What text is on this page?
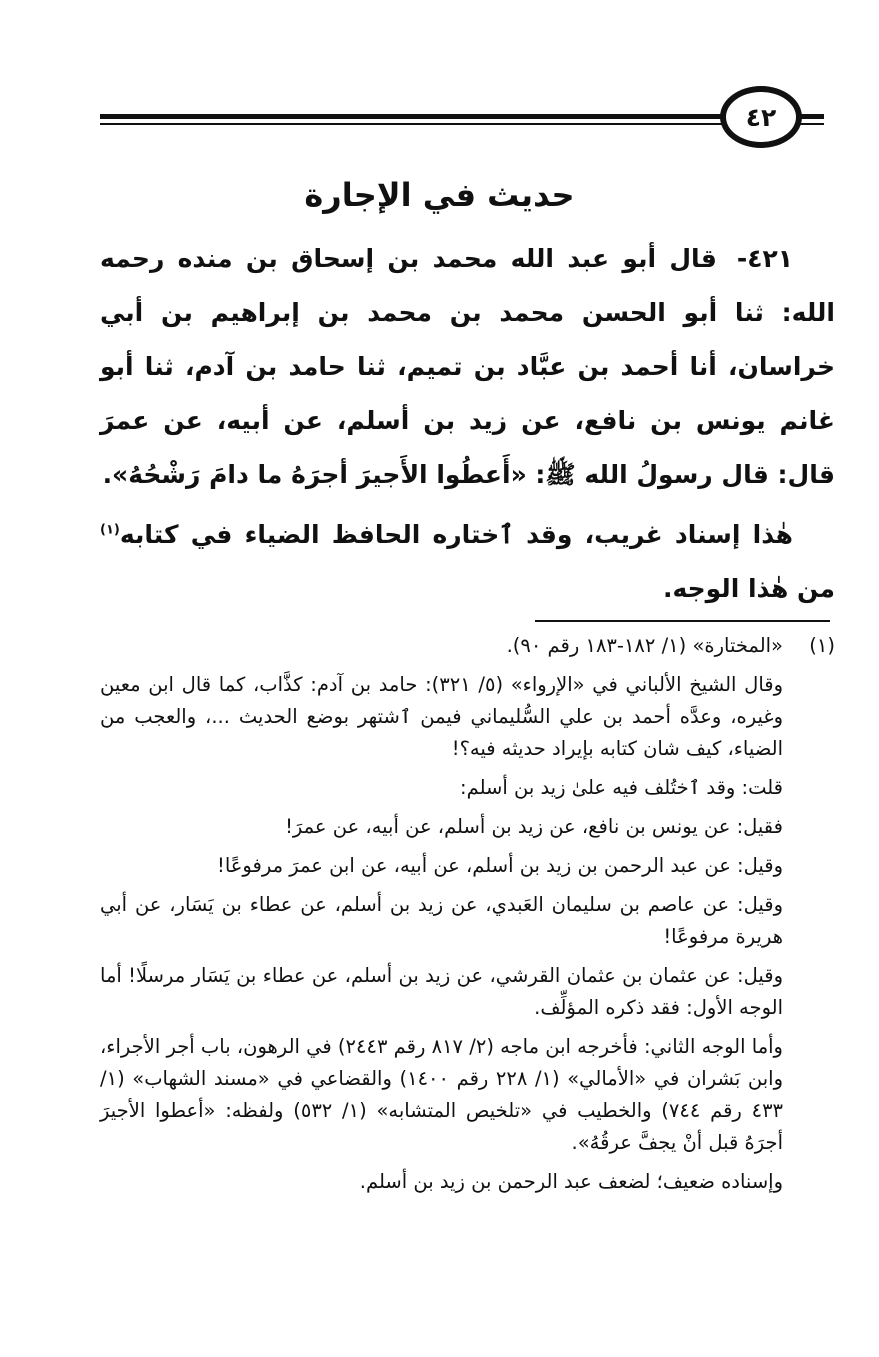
٤٢
حديث في الإجارة

٤٢١-قال أبو عبد الله محمد بن إسحاق بن منده رحمه الله: ثنا أبو الحسن محمد بن محمد بن إبراهيم بن أبي خراسان، أنا أحمد بن عبَّاد بن تميم، ثنا حامد بن آدم، ثنا أبو غانم يونس بن نافع، عن زيد بن أسلم، عن أبيه، عن عمرَ قال: قال رسولُ الله ﷺ: «أَعطُوا الأَجيرَ أجرَهُ ما دامَ رَشْحُهُ».

هٰذا إسناد غريب، وقد ٱختاره الحافظ الضياء في كتابه$^{(١)}$ من هٰذا الوجه.

(١)«المختارة» (١/ ١٨٢-١٨٣ رقم ٩٠).

وقال الشيخ الألباني في «الإرواء» (٥/ ٣٢١): حامد بن آدم: كذَّاب، كما قال ابن معين وغيره، وعدَّه أحمد بن علي السُّليماني فيمن ٱشتهر بوضع الحديث ...، والعجب من الضياء، كيف شان كتابه بإيراد حديثه فيه؟!

قلت: وقد ٱختُلف فيه علىٰ زيد بن أسلم:

فقيل: عن يونس بن نافع، عن زيد بن أسلم، عن أبيه، عن عمرَ!

وقيل: عن عبد الرحمن بن زيد بن أسلم، عن أبيه، عن ابن عمرَ مرفوعًا!

وقيل: عن عاصم بن سليمان العَبدي، عن زيد بن أسلم، عن عطاء بن يَسَار، عن أبي هريرة مرفوعًا!

وقيل: عن عثمان بن عثمان القرشي، عن زيد بن أسلم، عن عطاء بن يَسَار مرسلًا! أما الوجه الأول: فقد ذكره المؤلِّف.

وأما الوجه الثاني: فأخرجه ابن ماجه (٢/ ٨١٧ رقم ٢٤٤٣) في الرهون، باب أجر الأجراء، وابن بَشران في «الأمالي» (١/ ٢٢٨ رقم ١٤٠٠) والقضاعي في «مسند الشهاب» (١/ ٤٣٣ رقم ٧٤٤) والخطيب في «تلخيص المتشابه» (١/ ٥٣٢) ولفظه: «أعطوا الأجيرَ أجرَهُ قبل أنْ يجفَّ عرقُهُ».

وإسناده ضعيف؛ لضعف عبد الرحمن بن زيد بن أسلم.
